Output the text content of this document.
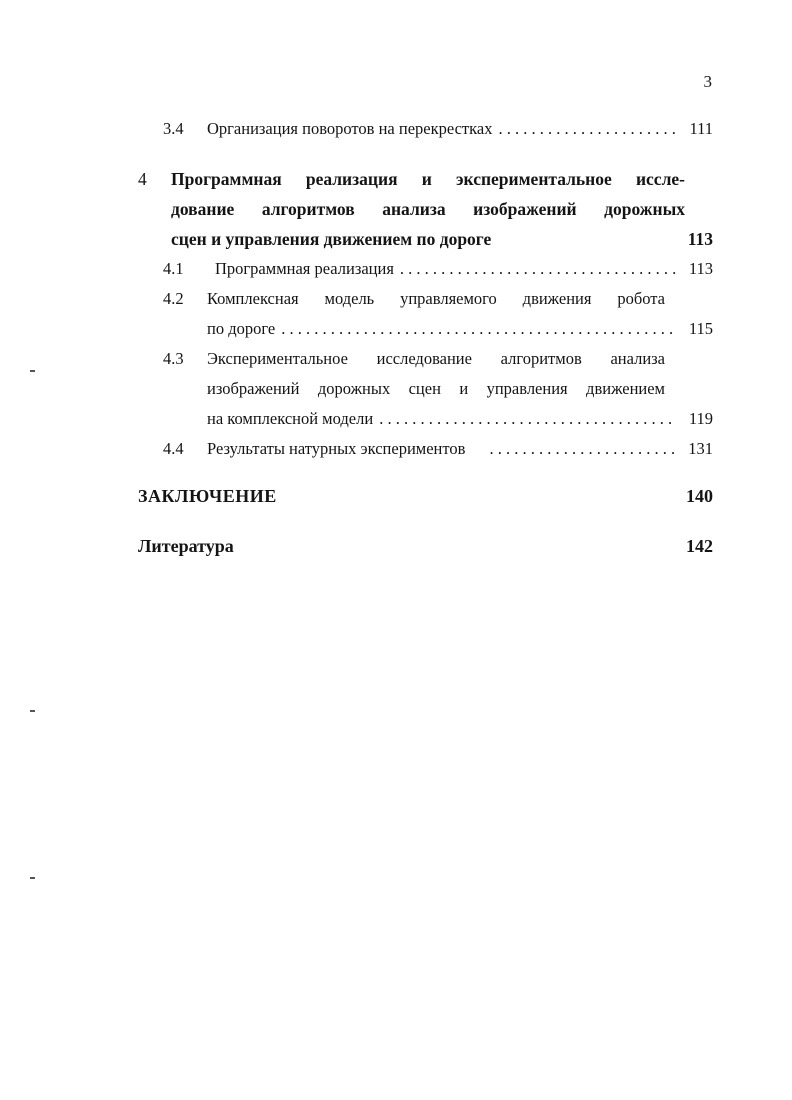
3
3.4	Организация поворотов на перекрестках . . .	111
4	Программная реализация и экспериментальное иссле-
дование алгоритмов анализа изображений дорожных
сцен и управления движением по дороге	113
4.1	Программная реализация . . .	113
4.2	Комплексная модель управляемого движения робота
по дороге . . .	115
4.3	Экспериментальное исследование алгоритмов анализа
изображений дорожных сцен и управления движением
на комплексной модели . . .	119
4.4	Результаты натурных экспериментов . . .	131
ЗАКЛЮЧЕНИЕ	140
Литература	142
